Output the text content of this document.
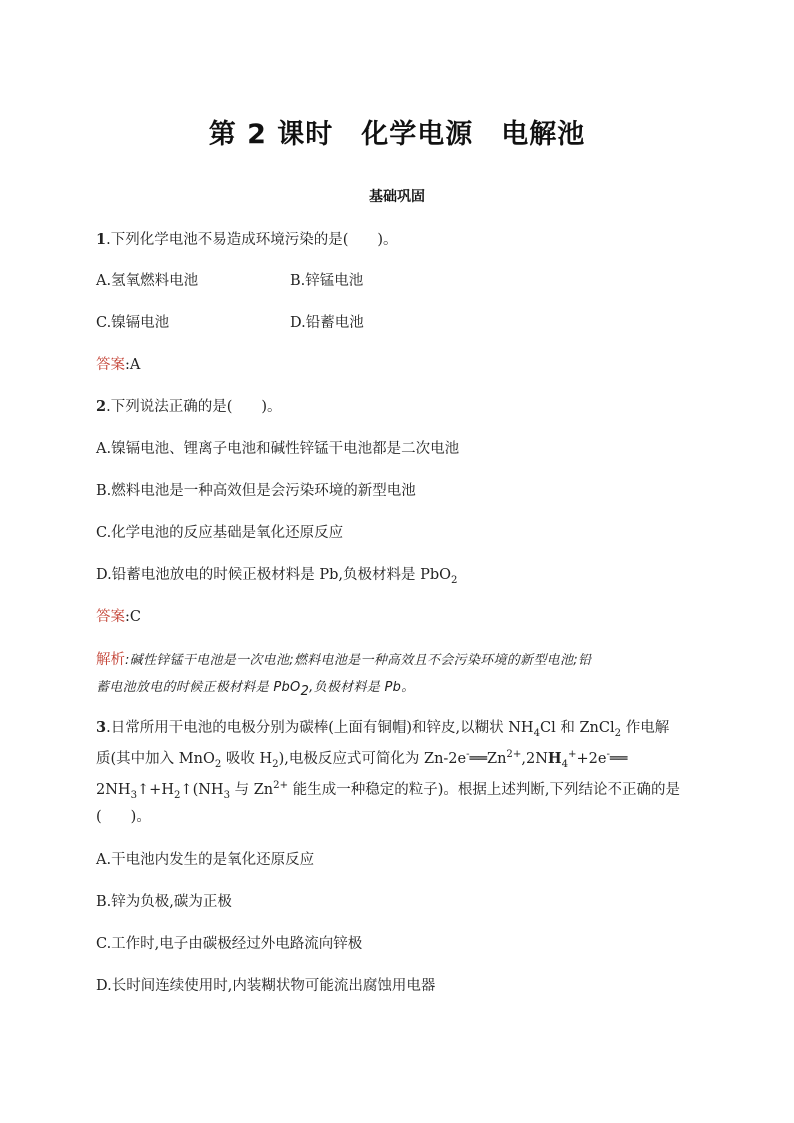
第 2 课时　化学电源　电解池
基础巩固
1.下列化学电池不易造成环境污染的是(　　)。
A.氢氧燃料电池	B.锌锰电池
C.镍镉电池	D.铅蓄电池
答案:A
2.下列说法正确的是(　　)。
A.镍镉电池、锂离子电池和碱性锌锰干电池都是二次电池
B.燃料电池是一种高效但是会污染环境的新型电池
C.化学电池的反应基础是氧化还原反应
D.铅蓄电池放电的时候正极材料是 Pb,负极材料是 PbO$_2$
答案:C
解析:碱性锌锰干电池是一次电池;燃料电池是一种高效且不会污染环境的新型电池;铅
蓄电池放电的时候正极材料是 PbO$_2$,负极材料是 Pb。
3.日常所用干电池的电极分别为碳棒(上面有铜帽)和锌皮,以糊状 $NH_4Cl$ 和 ZnCl$_2$ 作电解
质(其中加入 MnO$_2$ 吸收 $H_2$),电极反应式可简化为 $Zn-2e^-══Zn^{2+},2NH_4^++2e^-══$
$2NH_3↑+H_2↑(NH_3$ 与 $Zn^{2+}$ 能生成一种稳定的粒子)。根据上述判断,下列结论不正确的是
(　　)。
A.干电池内发生的是氧化还原反应
B.锌为负极,碳为正极
C.工作时,电子由碳极经过外电路流向锌极
D.长时间连续使用时,内装糊状物可能流出腐蚀用电器
